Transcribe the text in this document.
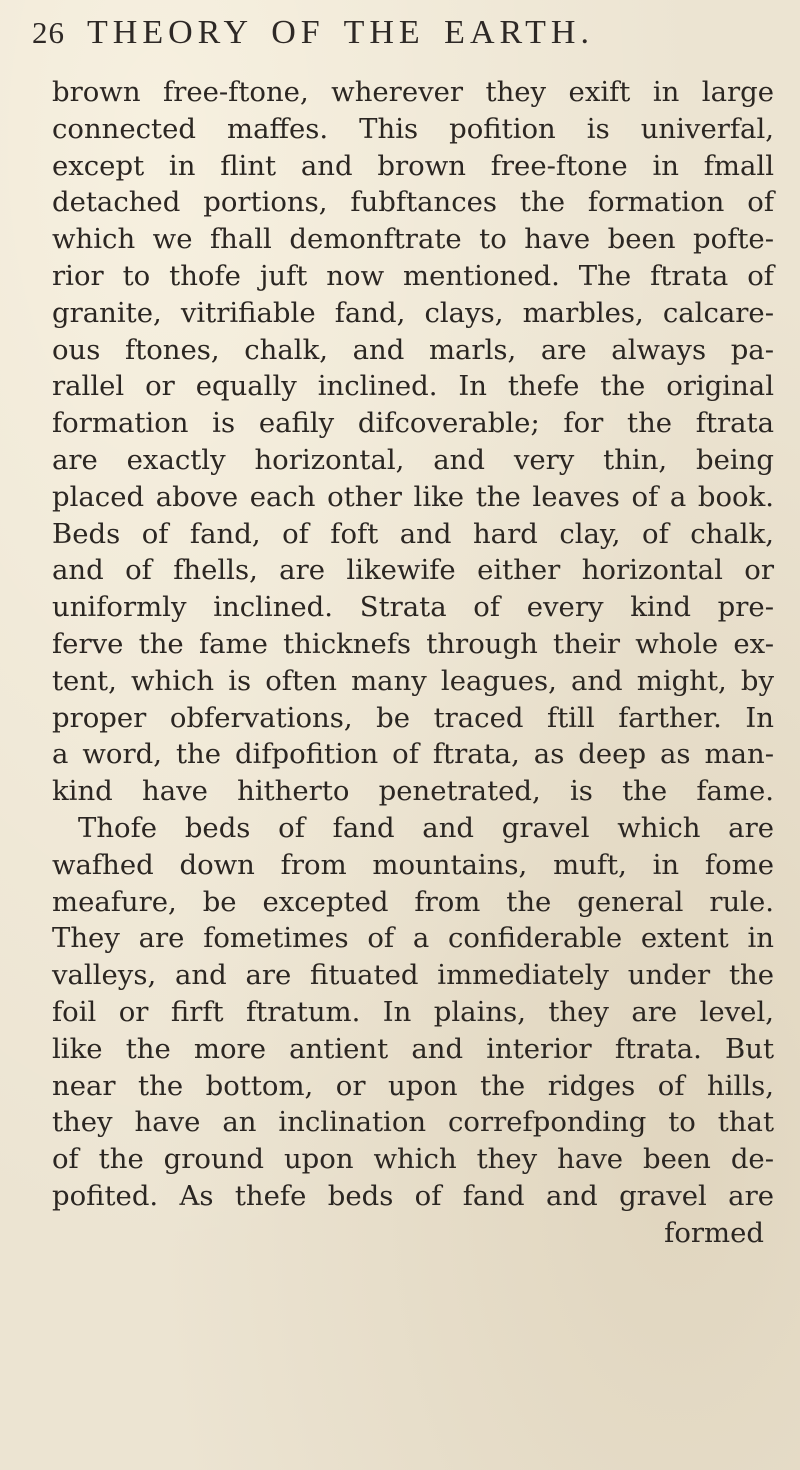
26 THEORY OF THE EARTH.
brown free-ftone, wherever they exift in large
connected maffes. This pofition is univerfal,
except in flint and brown free-ftone in fmall
detached portions, fubftances the formation of
which we fhall demonftrate to have been pofte-
rior to thofe juft now mentioned. The ftrata of
granite, vitrifiable fand, clays, marbles, calcare-
ous ftones, chalk, and marls, are always pa-
rallel or equally inclined. In thefe the original
formation is eafily difcoverable; for the ftrata
are exactly horizontal, and very thin, being
placed above each other like the leaves of a book.
Beds of fand, of foft and hard clay, of chalk,
and of fhells, are likewife either horizontal or
uniformly inclined. Strata of every kind pre-
ferve the fame thicknefs through their whole ex-
tent, which is often many leagues, and might, by
proper obfervations, be traced ftill farther. In
a word, the difpofition of ftrata, as deep as man-
kind have hitherto penetrated, is the fame.
Thofe beds of fand and gravel which are
wafhed down from mountains, muft, in fome
meafure, be excepted from the general rule.
They are fometimes of a confiderable extent in
valleys, and are fituated immediately under the
foil or firft ftratum. In plains, they are level,
like the more antient and interior ftrata. But
near the bottom, or upon the ridges of hills,
they have an inclination correfponding to that
of the ground upon which they have been de-
pofited. As thefe beds of fand and gravel are
formed
